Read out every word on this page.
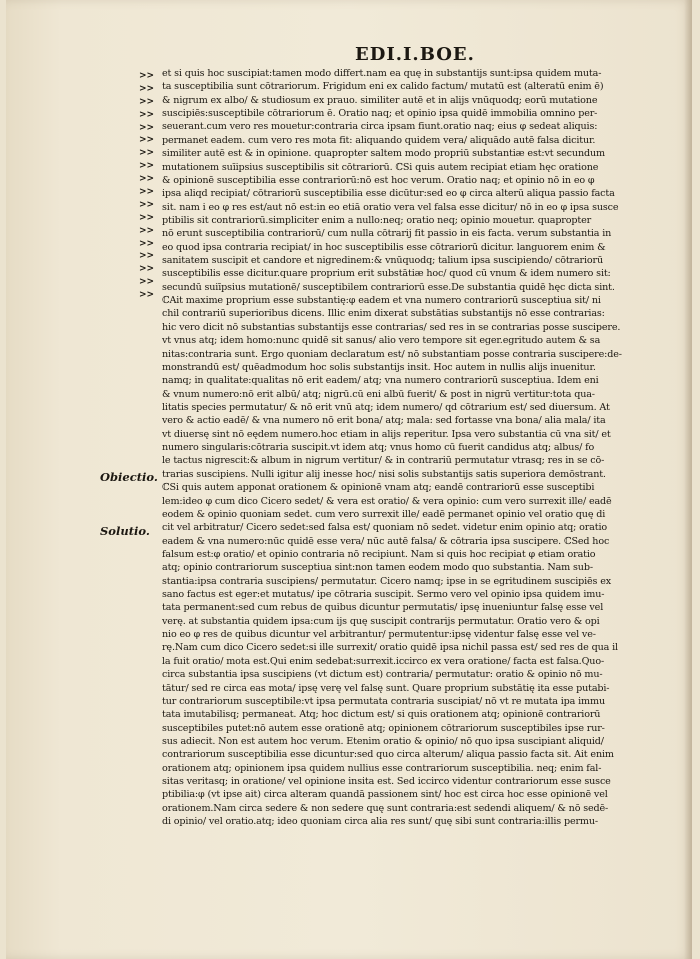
EDI.I.BOE.
>>
>>
>>
>>
>>
>>
>>
>>
>>
>>
>>
>>
>>
>>
>>
>>
>>
>>
Obiectio.
Solutio.
et si quis hoc suscipiat:tamen modo differt.nam ea quę in substantijs sunt:ipsa quidem muta-
ta susceptibilia sunt cōtrariorum. Frigidum eni ex calido factum/ mutatū est (alteratū enim ē)
& nigrum ex albo/ & studiosum ex prauo. similiter autē et in alijs vnūquodq; eorū mutatione
suscipiēs:susceptibile cōtrariorum ē. Oratio naq; et opinio ipsa quidē immobilia omnino per-
seuerant.cum vero res mouetur:contraria circa ipsam fiunt.oratio naq; eius φ sedeat aliquis:
permanet eadem. cum vero res mota fit: aliquando quidem vera/ aliquādo autē falsa dicitur.
similiter autē est & in opinione. quapropter saltem modo propriū substantiæ est:vt secundum
mutationem suīipsius susceptibilis sit cōtrariorū. ℂSi quis autem recipiat etiam hęc oratione
& opinionē susceptibilia esse contrariorū:nō est hoc verum. Oratio naq; et opinio nō in eo φ
ipsa aliqd recipiat/ cōtrariorū susceptibilia esse dicūtur:sed eo φ circa alterū aliqua passio facta
sit. nam i eo φ res est/aut nō est:in eo etiā oratio vera vel falsa esse dicitur/ nō in eo φ ipsa susce
ptibilis sit contrariorū.simpliciter enim a nullo:neq; oratio neq; opinio mouetur. quapropter
nō erunt susceptibilia contrariorū/ cum nulla cōtrarij fit passio in eis facta. verum substantia in
eo quod ipsa contraria recipiat/ in hoc susceptibilis esse cōtrariorū dicitur. languorem enim &
sanitatem suscipit et candore et nigredinem:& vnūquodq; talium ipsa suscipiendo/ cōtrariorū
susceptibilis esse dicitur.quare proprium erit substātiæ hoc/ quod cū vnum & idem numero sit:
secundū suiīpsius mutationē/ susceptibilem contrariorū esse.De substantia quidē hęc dicta sint.
ℂAit maxime proprium esse substantię:φ eadem et vna numero contrariorū susceptiua sit/ ni
chil contrariū superioribus dicens. Illic enim dixerat substātias substantijs nō esse contrarias:
hic vero dicit nō substantias substantijs esse contrarias/ sed res in se contrarias posse suscipere.
vt vnus atq; idem homo:nunc quidē sit sanus/ alio vero tempore sit eger.egritudo autem & sa
nitas:contraria sunt. Ergo quoniam declaratum est/ nō substantiam posse contraria suscipere:de-
monstrandū est/ quēadmodum hoc solis substantijs insit. Hoc autem in nullis alijs inuenitur.
namq; in qualitate:qualitas nō erit eadem/ atq; vna numero contrariorū susceptiua. Idem eni
& vnum numero:nō erit albū/ atq; nigrū.cū eni albū fuerit/ & post in nigrū vertitur:tota qua-
litatis species permutatur/ & nō erit vnū atq; idem numero/ qd cōtrarium est/ sed diuersum. At
vero & actio eadē/ & vna numero nō erit bona/ atq; mala: sed fortasse vna bona/ alia mala/ ita
vt diuersę sint nō eędem numero.hoc etiam in alijs reperitur. Ipsa vero substantia cū vna sit/ et
numero singularis:cōtraria suscipit.vt idem atq; vnus homo cū fuerit candidus atq; albus/ fo
le tactus nigrescit:& album in nigrum vertitur/ & in contrariū permutatur vtrasq; res in se cō-
trarias suscipiens. Nulli igitur alij inesse hoc/ nisi solis substantijs satis superiora demōstrant.
ℂSi quis autem apponat orationem & opinionē vnam atq; eandē contrariorū esse susceptibi
lem:ideo φ cum dico Cicero sedet/ & vera est oratio/ & vera opinio: cum vero surrexit ille/ eadē
eodem & opinio quoniam sedet. cum vero surrexit ille/ eadē permanet opinio vel oratio quę di
cit vel arbitratur/ Cicero sedet:sed falsa est/ quoniam nō sedet. videtur enim opinio atq; oratio
eadem & vna numero:nūc quidē esse vera/ nūc autē falsa/ & cōtraria ipsa suscipere. ℂSed hoc
falsum est:φ oratio/ et opinio contraria nō recipiunt. Nam si quis hoc recipiat φ etiam oratio
atq; opinio contrariorum susceptiua sint:non tamen eodem modo quo substantia. Nam sub-
stantia:ipsa contraria suscipiens/ permutatur. Cicero namq; ipse in se egritudinem suscipiēs ex
sano factus est eger:et mutatus/ ipe cōtraria suscipit. Sermo vero vel opinio ipsa quidem imu-
tata permanent:sed cum rebus de quibus dicuntur permutatis/ ipsę inueniuntur falsę esse vel
verę. at substantia quidem ipsa:cum ijs quę suscipit contrarijs permutatur. Oratio vero & opi
nio eo φ res de quibus dicuntur vel arbitrantur/ permutentur:ipsę videntur falsę esse vel ve-
rę.Nam cum dico Cicero sedet:si ille surrexit/ oratio quidē ipsa nichil passa est/ sed res de qua il
la fuit oratio/ mota est.Qui enim sedebat:surrexit.iccirco ex vera oratione/ facta est falsa.Quo-
circa substantia ipsa suscipiens (vt dictum est) contraria/ permutatur: oratio & opinio nō mu-
tātur/ sed re circa eas mota/ ipsę verę vel falsę sunt. Quare proprium substātię ita esse putabi-
tur contrariorum susceptibile:vt ipsa permutata contraria suscipiat/ nō vt re mutata ipa immu
tata imutabilisq; permaneat. Atq; hoc dictum est/ si quis orationem atq; opinionē contrariorū
susceptibiles putet:nō autem esse orationē atq; opinionem cōtrariorum susceptibiles ipse rur-
sus adiecit. Non est autem hoc verum. Etenim oratio & opinio/ nō quo ipsa suscipiant aliquid/
contrariorum susceptibilia esse dicuntur:sed quo circa alterum/ aliqua passio facta sit. Ait enim
orationem atq; opinionem ipsa quidem nullius esse contrariorum susceptibilia. neq; enim fal-
sitas veritasq; in oratione/ vel opinione insita est. Sed iccirco videntur contrariorum esse susce
ptibilia:φ (vt ipse ait) circa alteram quandā passionem sint/ hoc est circa hoc esse opinionē vel
orationem.Nam circa sedere & non sedere quę sunt contraria:est sedendi aliquem/ & nō sedē-
di opinio/ vel oratio.atq; ideo quoniam circa alia res sunt/ quę sibi sunt contraria:illis permu-
